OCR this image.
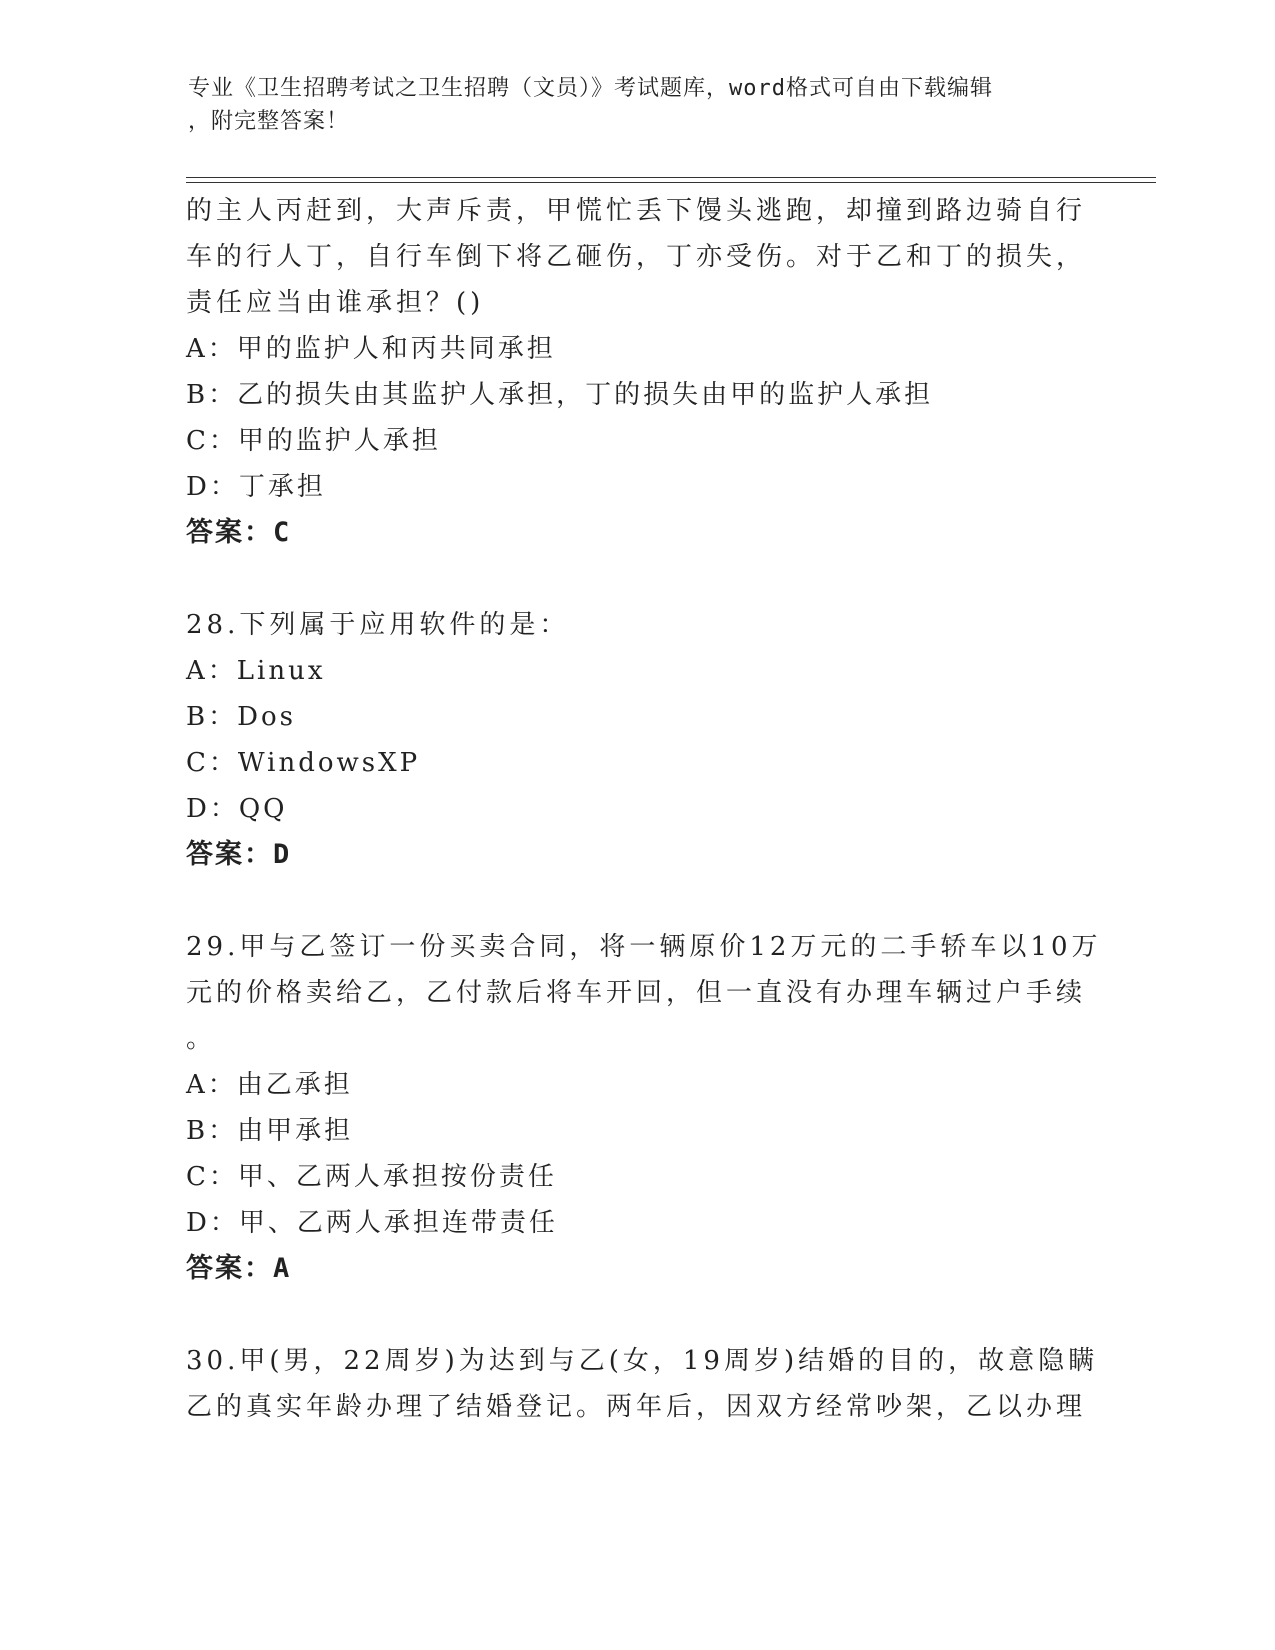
专业《卫生招聘考试之卫生招聘（文员）》考试题库，word格式可自由下载编辑
，附完整答案！

的主人丙赶到，大声斥责，甲慌忙丢下馒头逃跑，却撞到路边骑自行

车的行人丁，自行车倒下将乙砸伤，丁亦受伤。对于乙和丁的损失，

责任应当由谁承担？()

A：甲的监护人和丙共同承担

B：乙的损失由其监护人承担，丁的损失由甲的监护人承担

C：甲的监护人承担

D：丁承担

答案：C

28.下列属于应用软件的是：

A：Linux

B：Dos

C：WindowsXP

D：QQ

答案：D

29.甲与乙签订一份买卖合同，将一辆原价12万元的二手轿车以10万

元的价格卖给乙，乙付款后将车开回，但一直没有办理车辆过户手续

。

A：由乙承担

B：由甲承担

C：甲、乙两人承担按份责任

D：甲、乙两人承担连带责任

答案：A

30.甲(男，22周岁)为达到与乙(女，19周岁)结婚的目的，故意隐瞒

乙的真实年龄办理了结婚登记。两年后，因双方经常吵架，乙以办理
